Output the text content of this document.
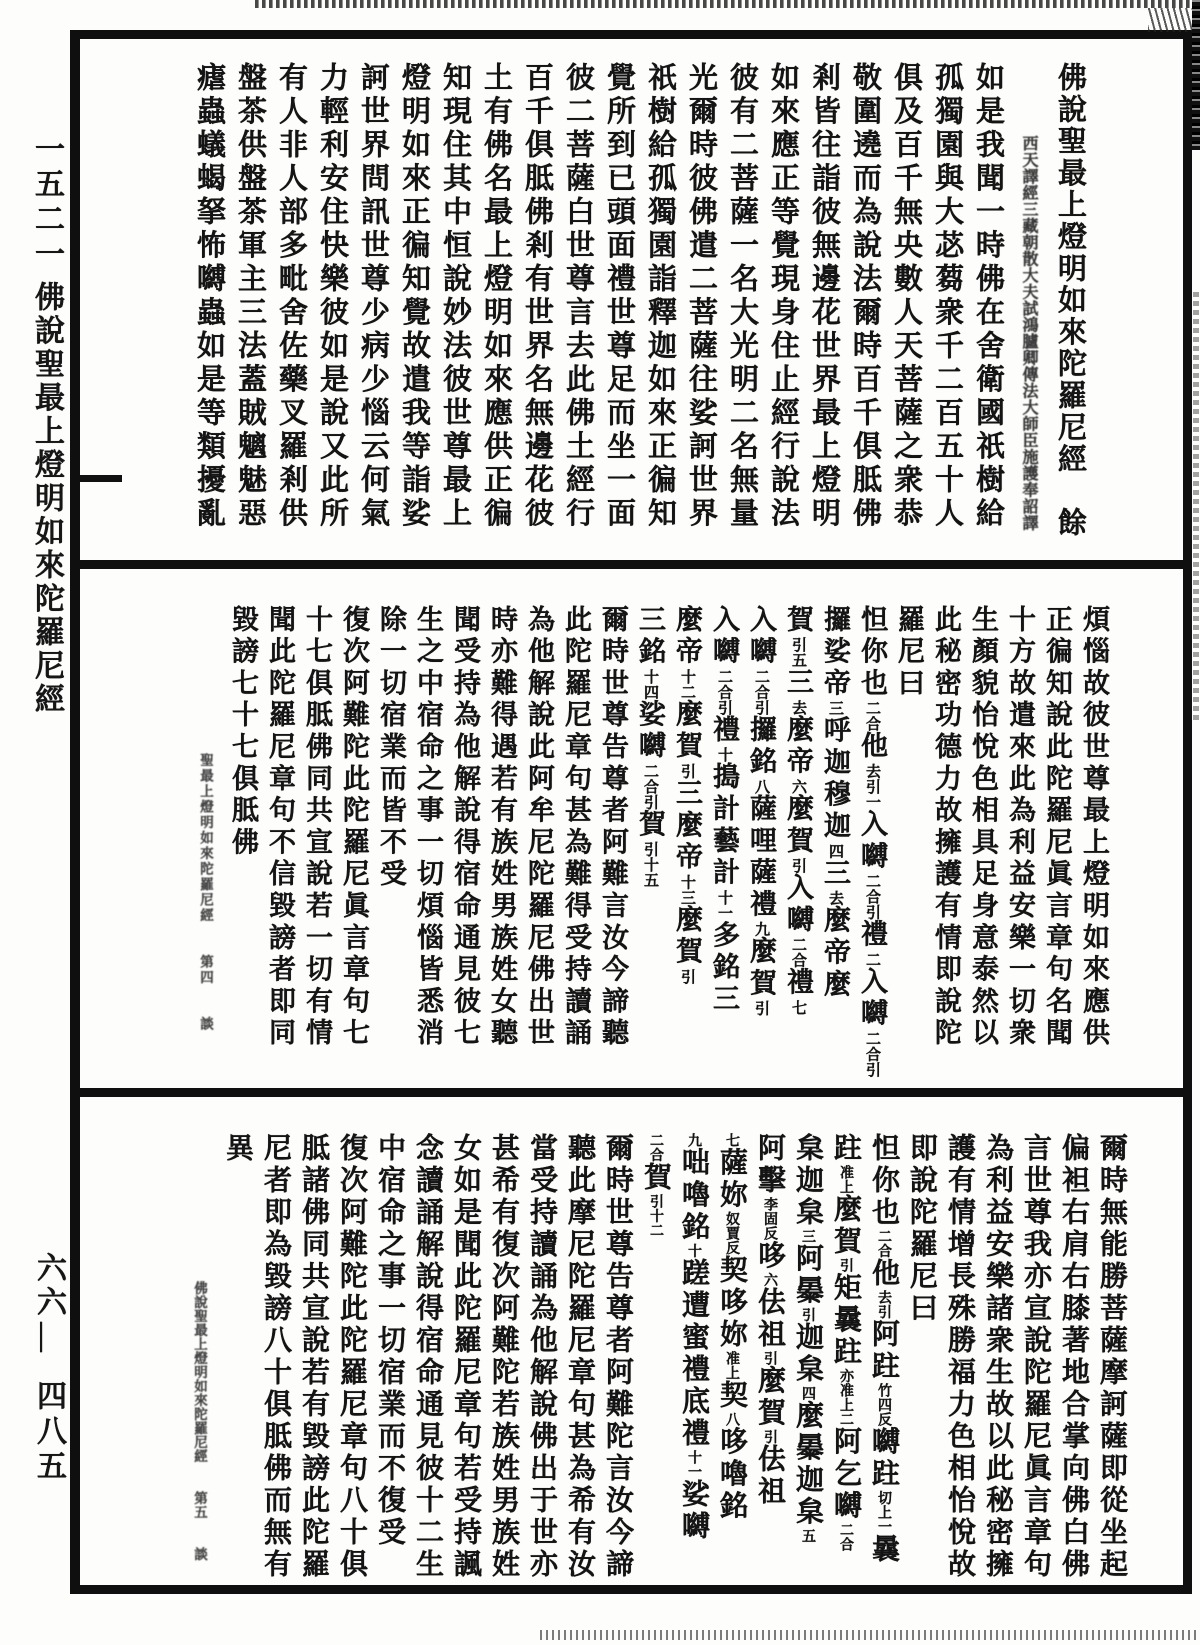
一五二一
佛說聖最上燈明如來陀羅尼經
六六
—
四八五
佛說聖最上燈明如來陀羅尼經　餘
西天譯經三藏朝散大夫試鴻臚卿傳法大師臣施護奉詔譯
如是我聞一時佛在舍衛國祇樹給
孤獨園與大苾蒭衆千二百五十人
俱及百千無央數人天菩薩之衆恭
敬圍遶而為說法爾時百千俱胝佛
剎皆往詣彼無邊花世界最上燈明
如來應正等覺現身住止經行說法
彼有二菩薩一名大光明二名無量
光爾時彼佛遣二菩薩往娑訶世界
祇樹給孤獨園詣釋迦如來正徧知
覺所到已頭面禮世尊足而坐一面
彼二菩薩白世尊言去此佛土經行
百千俱胝佛剎有世界名無邊花彼
土有佛名最上燈明如來應供正徧
知現住其中恒說妙法彼世尊最上
燈明如來正徧知覺故遣我等詣娑
訶世界問訊世尊少病少惱云何氣
力輕利安住快樂彼如是說又此所
有人非人部多毗舍佐藥叉羅剎供
盤茶供盤茶軍主三法蓋賊魑魅惡
瘧蟲蟻蝎拏怖嚩蟲如是等類擾亂
煩惱故彼世尊最上燈明如來應供
正徧知說此陀羅尼眞言章句名聞
十方故遣來此為利益安樂一切衆
生顏貌怡悅色相具足身意泰然以
此秘密功德力故擁護有情即說陀
羅尼曰
怛你也二合他去引一入嚩二合引禮二入嚩二合引
攞娑帝三呼迦穆迦四三去麼帝麼
賀引五三去麼帝六麼賀引入嚩二合禮七
入嚩二合引攞銘八薩哩薩禮九麼賀引
入嚩二合引禮十搗計藝計十一多銘三
麼帝十二麼賀引三麼帝十三麼賀引
三銘十四娑嚩二合引賀引十五
爾時世尊告尊者阿難言汝今諦聽
此陀羅尼章句甚為難得受持讀誦
為他解說此阿牟尼陀羅尼佛出世
時亦難得遇若有族姓男族姓女聽
聞受持為他解說得宿命通見彼七
生之中宿命之事一切煩惱皆悉消
除一切宿業而皆不受
復次阿難陀此陀羅尼眞言章句七
十七俱胝佛同共宣說若一切有情
聞此陀羅尼章句不信毀謗者即同
毀謗七十七俱胝佛
聖最上燈明如來陀羅尼經　　第四　　談
爾時無能勝菩薩摩訶薩即從坐起
偏袒右肩右膝著地合掌向佛白佛
言世尊我亦宣說陀羅尼眞言章句
為利益安樂諸衆生故以此秘密擁
護有情增長殊勝福力色相怡悅故
即說陀羅尼曰
怛你也二合他去引阿跓竹四反嚩跓切上一曩
跓准上麼賀引矩曩跓亦准上二阿乞嚩二合
枲迦枲三阿㬥引迦枲四麼㬥迦枲五
阿擊李固反哆六佉祖引麼賀引佉祖
七薩妳奴賈反契哆妳准上契八哆嚕銘
九咄嚕銘十蹉遭蜜禮底禮十一娑嚩
二合賀引十二
爾時世尊告尊者阿難陀言汝今諦
聽此摩尼陀羅尼章句甚為希有汝
當受持讀誦為他解說佛出于世亦
甚希有復次阿難陀若族姓男族姓
女如是聞此陀羅尼章句若受持諷
念讀誦解說得宿命通見彼十二生
中宿命之事一切宿業而不復受
復次阿難陀此陀羅尼章句八十俱
胝諸佛同共宣說若有毀謗此陀羅
尼者即為毀謗八十俱胝佛而無有
異
佛說聖最上燈明如來陀羅尼經　　第五　　談
